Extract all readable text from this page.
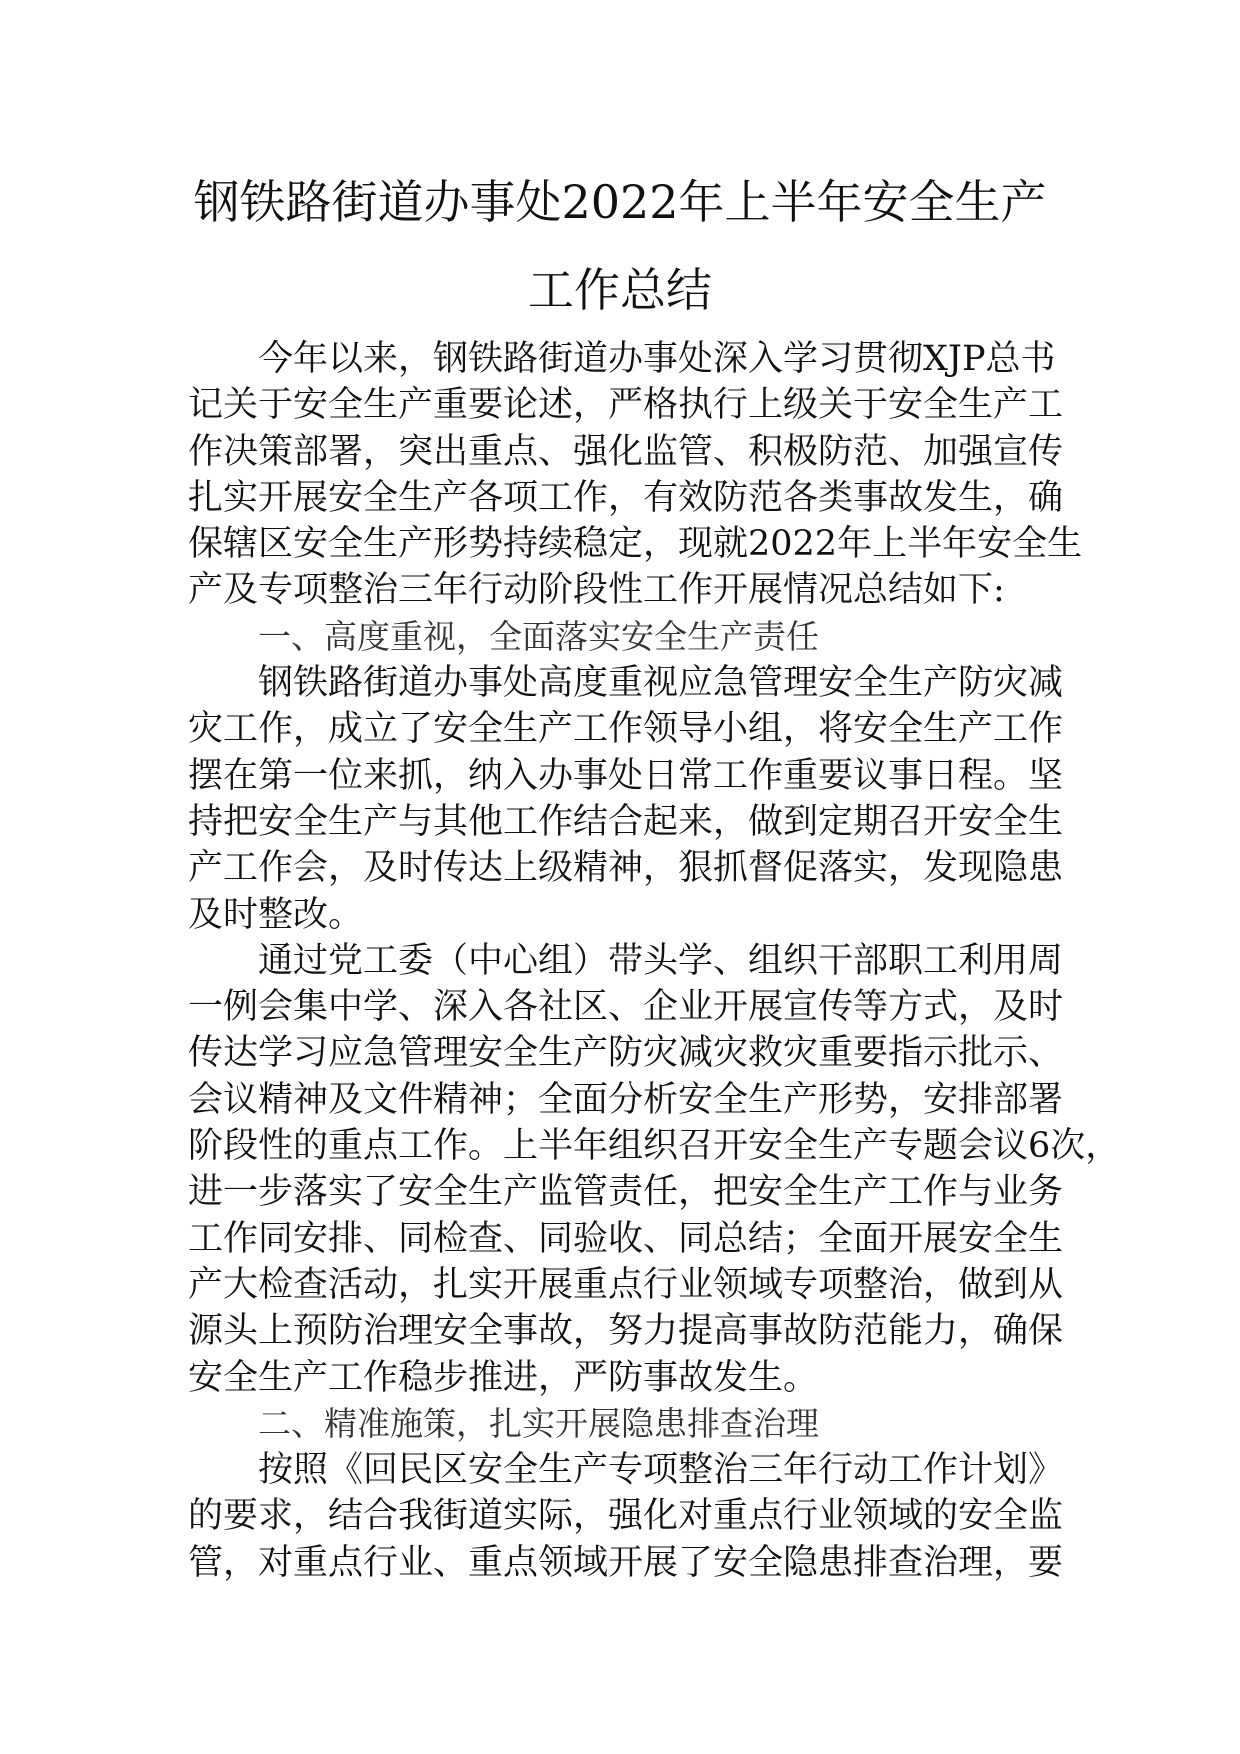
钢铁路街道办事处2022年上半年安全生产
工作总结
今年以来，钢铁路街道办事处深入学习贯彻XJP总书
记关于安全生产重要论述，严格执行上级关于安全生产工
作决策部署，突出重点、强化监管、积极防范、加强宣传
扎实开展安全生产各项工作，有效防范各类事故发生，确
保辖区安全生产形势持续稳定，现就2022年上半年安全生
产及专项整治三年行动阶段性工作开展情况总结如下:
一、高度重视，全面落实安全生产责任
钢铁路街道办事处高度重视应急管理安全生产防灾减
灾工作，成立了安全生产工作领导小组，将安全生产工作
摆在第一位来抓，纳入办事处日常工作重要议事日程。坚
持把安全生产与其他工作结合起来，做到定期召开安全生
产工作会，及时传达上级精神，狠抓督促落实，发现隐患
及时整改。
通过党工委（中心组）带头学、组织干部职工利用周
一例会集中学、深入各社区、企业开展宣传等方式，及时
传达学习应急管理安全生产防灾减灾救灾重要指示批示、
会议精神及文件精神；全面分析安全生产形势，安排部署
阶段性的重点工作。上半年组织召开安全生产专题会议6次，
进一步落实了安全生产监管责任，把安全生产工作与业务
工作同安排、同检查、同验收、同总结；全面开展安全生
产大检查活动，扎实开展重点行业领域专项整治，做到从
源头上预防治理安全事故，努力提高事故防范能力，确保
安全生产工作稳步推进，严防事故发生。
二、精准施策，扎实开展隐患排查治理
按照《回民区安全生产专项整治三年行动工作计划》
的要求，结合我街道实际，强化对重点行业领域的安全监
管，对重点行业、重点领域开展了安全隐患排查治理，要
